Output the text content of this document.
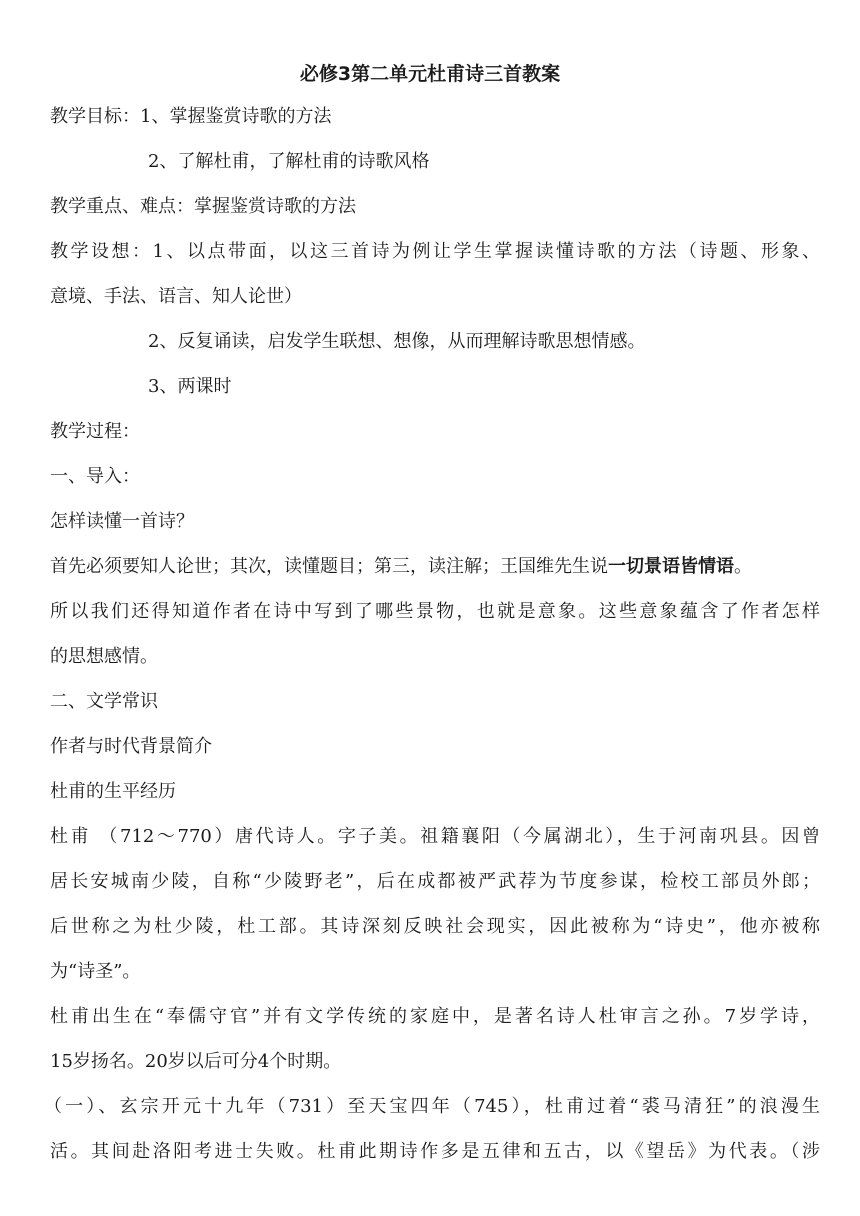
必修3第二单元杜甫诗三首教案
教学目标：1、掌握鉴赏诗歌的方法
2、了解杜甫，了解杜甫的诗歌风格
教学重点、难点：掌握鉴赏诗歌的方法
教学设想：1、以点带面，以这三首诗为例让学生掌握读懂诗歌的方法（诗题、形象、
意境、手法、语言、知人论世）
2、反复诵读，启发学生联想、想像，从而理解诗歌思想情感。
3、两课时
教学过程：
一、导入：
怎样读懂一首诗？
首先必须要知人论世；其次，读懂题目；第三，读注解；王国维先生说一切景语皆情语。
所以我们还得知道作者在诗中写到了哪些景物，也就是意象。这些意象蕴含了作者怎样
的思想感情。
二、文学常识
作者与时代背景简介
杜甫的生平经历
杜甫 （712～770）唐代诗人。字子美。祖籍襄阳（今属湖北），生于河南巩县。因曾
居长安城南少陵，自称“少陵野老”，后在成都被严武荐为节度参谋，检校工部员外郎；
后世称之为杜少陵，杜工部。其诗深刻反映社会现实，因此被称为“诗史”，他亦被称
为“诗圣”。
杜甫出生在“奉儒守官”并有文学传统的家庭中，是著名诗人杜审言之孙。7岁学诗，
15岁扬名。20岁以后可分4个时期。
（一）、玄宗开元十九年（731）至天宝四年（745），杜甫过着“裘马清狂”的浪漫生
活。其间赴洛阳考进士失败。杜甫此期诗作多是五律和五古，以《望岳》为代表。（涉
